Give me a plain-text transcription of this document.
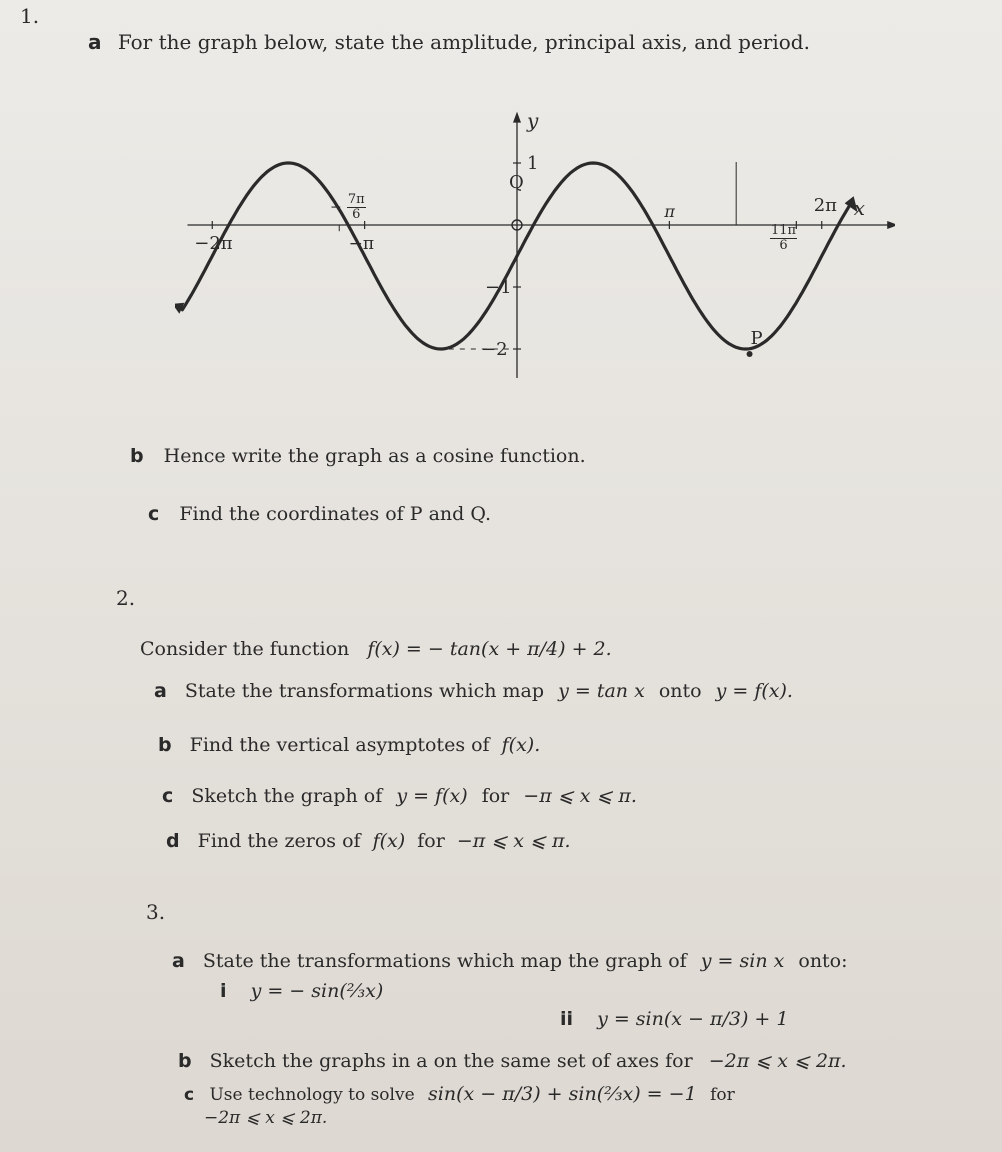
1.
a For the graph below, state the amplitude, principal axis, and period.
y
x
1
−1
−2
−2π	−π
π	2π
Q
P
− $\frac{7\pi}{6}$
$\frac{11\pi}{6}$
b Hence write the graph as a cosine function.
c Find the coordinates of P and Q.
2.
Consider the function f(x) = − tan(x + π/4) + 2.
a State the transformations which map y = tan x onto y = f(x).
b Find the vertical asymptotes of f(x).
c Sketch the graph of y = f(x) for −π ⩽ x ⩽ π.
d Find the zeros of f(x) for −π ⩽ x ⩽ π.
3.
a State the transformations which map the graph of y = sin x onto:
i y = − sin(⅔x)
ii y = sin(x − π/3) + 1
b Sketch the graphs in a on the same set of axes for −2π ⩽ x ⩽ 2π.
c Use technology to solve sin(x − π/3) + sin(⅔x) = −1 for
−2π ⩽ x ⩽ 2π.
